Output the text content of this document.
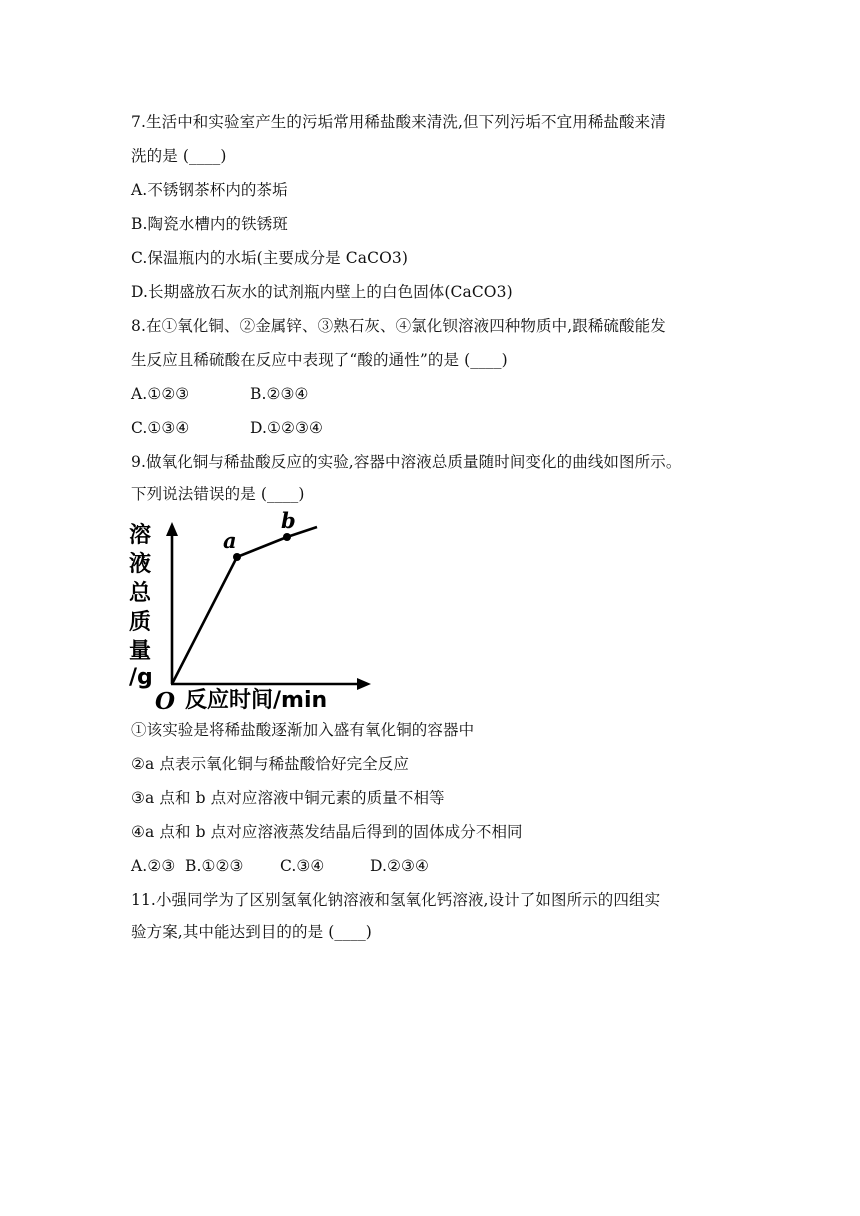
7.生活中和实验室产生的污垢常用稀盐酸来清洗,但下列污垢不宜用稀盐酸来清
洗的是 (____)
A.不锈钢茶杯内的茶垢
B.陶瓷水槽内的铁锈斑
C.保温瓶内的水垢(主要成分是 CaCO3)
D.长期盛放石灰水的试剂瓶内壁上的白色固体(CaCO3)
8.在①氧化铜、②金属锌、③熟石灰、④氯化钡溶液四种物质中,跟稀硫酸能发
生反应且稀硫酸在反应中表现了“酸的通性”的是 (____)
A.①②③	B.②③④
C.①③④	D.①②③④
9.做氧化铜与稀盐酸反应的实验,容器中溶液总质量随时间变化的曲线如图所示。
下列说法错误的是 (____)
溶
液
总
质
量
/g
a
b
O 反应时间/min
①该实验是将稀盐酸逐渐加入盛有氧化铜的容器中
②a 点表示氧化铜与稀盐酸恰好完全反应
③a 点和 b 点对应溶液中铜元素的质量不相等
④a 点和 b 点对应溶液蒸发结晶后得到的固体成分不相同
A.②③ B.①②③ C.③④	D.②③④
11.小强同学为了区别氢氧化钠溶液和氢氧化钙溶液,设计了如图所示的四组实
验方案,其中能达到目的的是 (____)
